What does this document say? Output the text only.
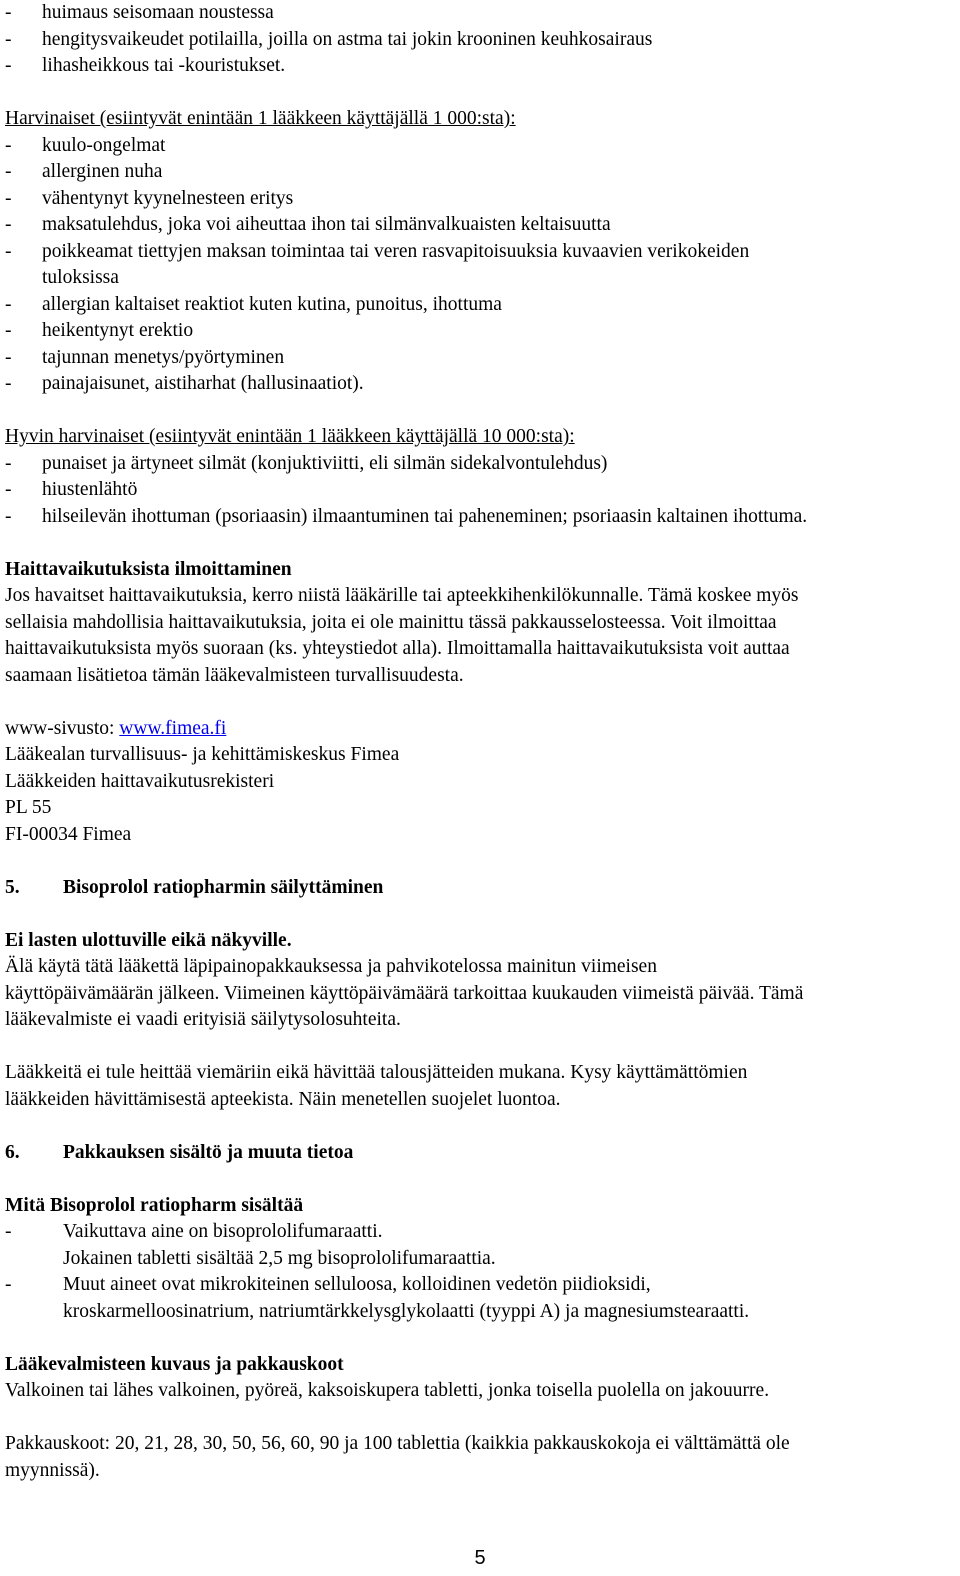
-	huimaus seisomaan noustessa
-	hengitysvaikeudet potilailla, joilla on astma tai jokin krooninen keuhkosairaus
-	lihasheikkous tai -kouristukset.
Harvinaiset (esiintyvät enintään 1 lääkkeen käyttäjällä 1 000:sta):
-	kuulo-ongelmat
-	allerginen nuha
-	vähentynyt kyynelnesteen eritys
-	maksatulehdus, joka voi aiheuttaa ihon tai silmänvalkuaisten keltaisuutta
-	poikkeamat tiettyjen maksan toimintaa tai veren rasvapitoisuuksia kuvaavien verikokeiden
tuloksissa
-	allergian kaltaiset reaktiot kuten kutina, punoitus, ihottuma
-	heikentynyt erektio
-	tajunnan menetys/pyörtyminen
-	painajaisunet, aistiharhat (hallusinaatiot).
Hyvin harvinaiset (esiintyvät enintään 1 lääkkeen käyttäjällä 10 000:sta):
-	punaiset ja ärtyneet silmät (konjuktiviitti, eli silmän sidekalvontulehdus)
-	hiustenlähtö
-	hilseilevän ihottuman (psoriaasin) ilmaantuminen tai paheneminen; psoriaasin kaltainen ihottuma.
Haittavaikutuksista ilmoittaminen
Jos havaitset haittavaikutuksia, kerro niistä lääkärille tai apteekkihenkilökunnalle. Tämä koskee myös
sellaisia mahdollisia haittavaikutuksia, joita ei ole mainittu tässä pakkausselosteessa. Voit ilmoittaa
haittavaikutuksista myös suoraan (ks. yhteystiedot alla). Ilmoittamalla haittavaikutuksista voit auttaa
saamaan lisätietoa tämän lääkevalmisteen turvallisuudesta.
www-sivusto: www.fimea.fi
Lääkealan turvallisuus- ja kehittämiskeskus Fimea
Lääkkeiden haittavaikutusrekisteri
PL 55
FI-00034 Fimea
5.	Bisoprolol ratiopharmin säilyttäminen
Ei lasten ulottuville eikä näkyville.
Älä käytä tätä lääkettä läpipainopakkauksessa ja pahvikotelossa mainitun viimeisen
käyttöpäivämäärän jälkeen. Viimeinen käyttöpäivämäärä tarkoittaa kuukauden viimeistä päivää. Tämä
lääkevalmiste ei vaadi erityisiä säilytysolosuhteita.
Lääkkeitä ei tule heittää viemäriin eikä hävittää talousjätteiden mukana. Kysy käyttämättömien
lääkkeiden hävittämisestä apteekista. Näin menetellen suojelet luontoa.
6.	Pakkauksen sisältö ja muuta tietoa
Mitä Bisoprolol ratiopharm sisältää
-	Vaikuttava aine on bisoprololifumaraatti.
Jokainen tabletti sisältää 2,5 mg bisoprololifumaraattia.
-	Muut aineet ovat mikrokiteinen selluloosa, kolloidinen vedetön piidioksidi,
kroskarmelloosinatrium, natriumtärkkelysglykolaatti (tyyppi A) ja magnesiumstearaatti.
Lääkevalmisteen kuvaus ja pakkauskoot
Valkoinen tai lähes valkoinen, pyöreä, kaksoiskupera tabletti, jonka toisella puolella on jakouurre.
Pakkauskoot: 20, 21, 28, 30, 50, 56, 60, 90 ja 100 tablettia (kaikkia pakkauskokoja ei välttämättä ole
myynnissä).
5
